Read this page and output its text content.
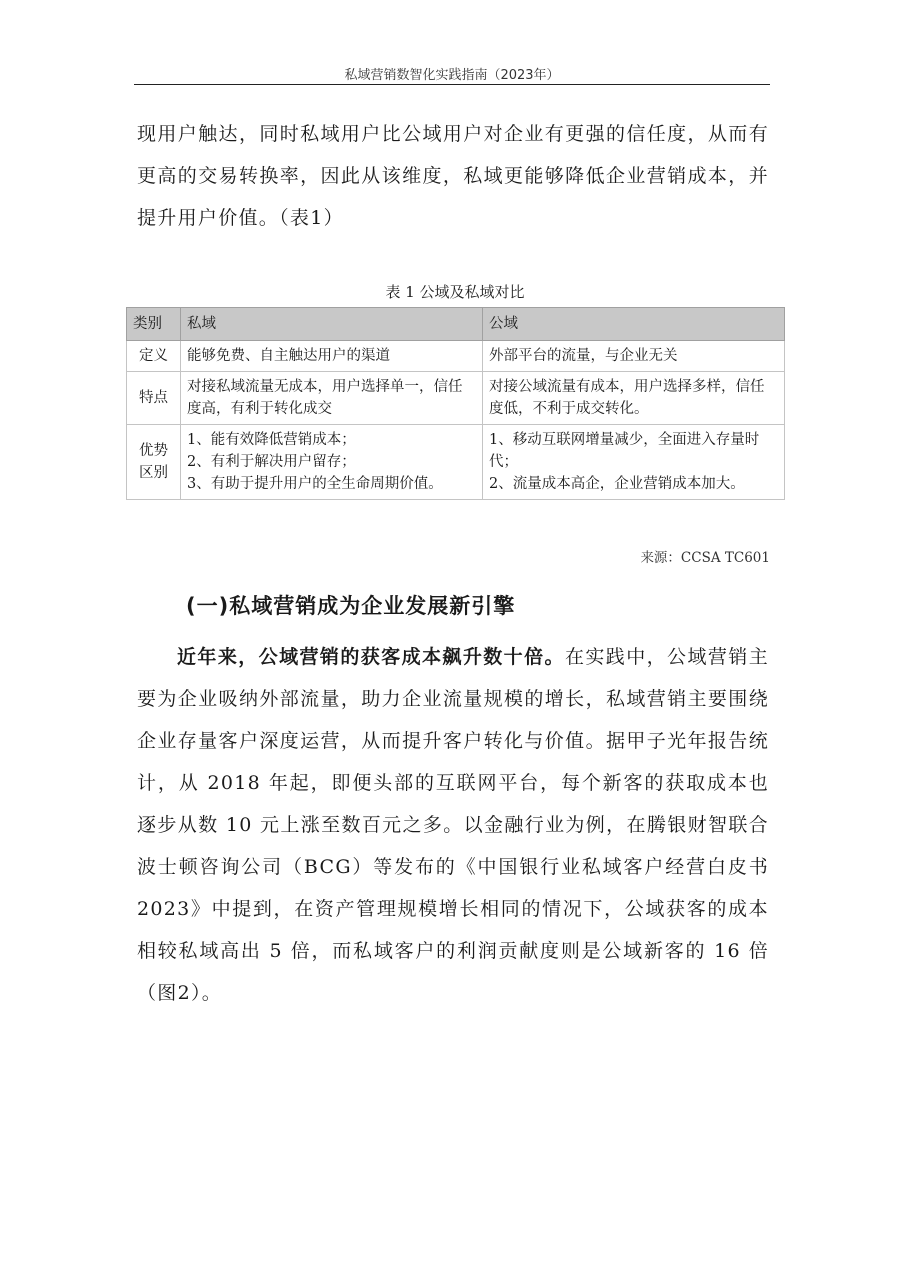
私域营销数智化实践指南（2023年）
现用户触达，同时私域用户比公域用户对企业有更强的信任度，从而有更高的交易转换率，因此从该维度，私域更能够降低企业营销成本，并提升用户价值。（表1）
表 1 公域及私域对比
类别	私域	公域
定义	能够免费、自主触达用户的渠道	外部平台的流量，与企业无关

特点	对接私域流量无成本，用户选择单一，信任度高，有利于转化成交	对接公域流量有成本，用户选择多样，信任度低，不利于成交转化。

优势区别	1、能有效降低营销成本；
2、有利于解决用户留存；
3、有助于提升用户的全生命周期价值。	1、移动互联网增量减少，全面进入存量时代；
2、流量成本高企，企业营销成本加大。
来源：CCSA TC601
(一)私域营销成为企业发展新引擎
近年来，公域营销的获客成本飙升数十倍。在实践中，公域营销主要为企业吸纳外部流量，助力企业流量规模的增长，私域营销主要围绕企业存量客户深度运营，从而提升客户转化与价值。据甲子光年报告统计，从 2018 年起，即便头部的互联网平台，每个新客的获取成本也逐步从数 10 元上涨至数百元之多。以金融行业为例，在腾银财智联合波士顿咨询公司（BCG）等发布的《中国银行业私域客户经营白皮书 2023》中提到，在资产管理规模增长相同的情况下，公域获客的成本相较私域高出 5 倍，而私域客户的利润贡献度则是公域新客的 16 倍（图2）。
